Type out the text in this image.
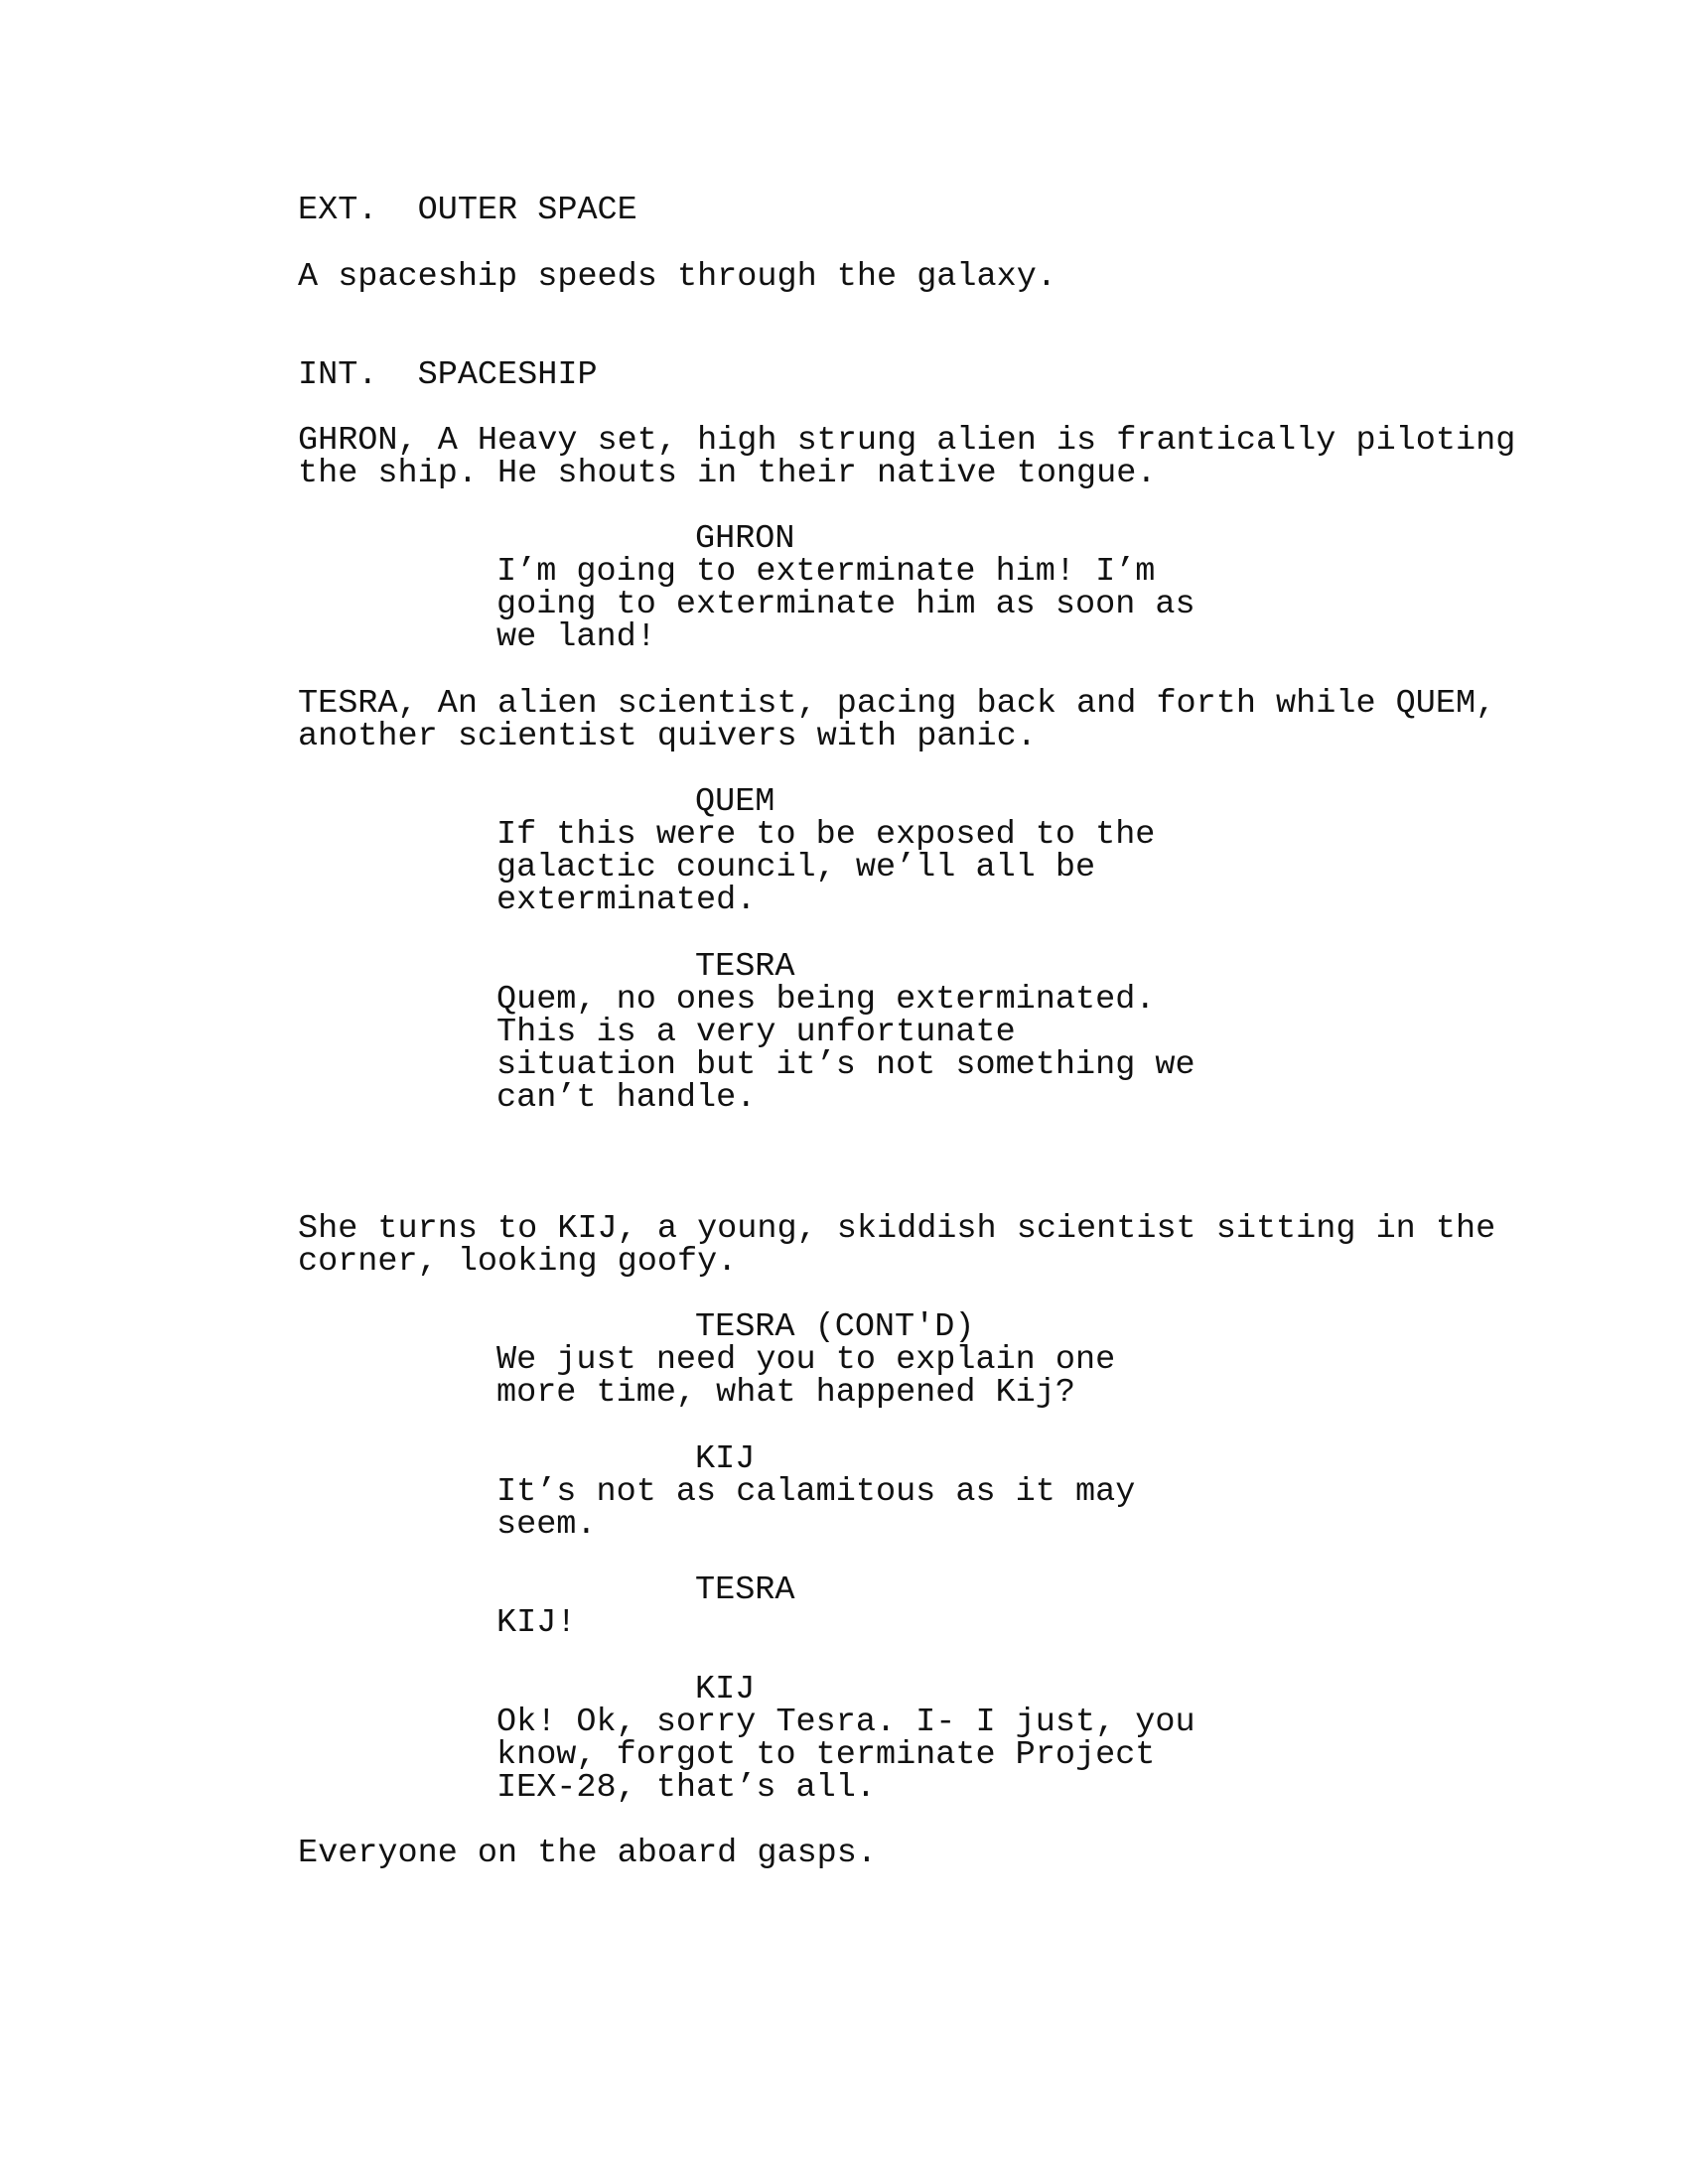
EXT.  OUTER SPACE
A spaceship speeds through the galaxy.
INT.  SPACESHIP
GHRON, A Heavy set, high strung alien is frantically piloting
the ship. He shouts in their native tongue.
GHRON
I’m going to exterminate him! I’m
going to exterminate him as soon as
we land!
TESRA, An alien scientist, pacing back and forth while QUEM,
another scientist quivers with panic.
QUEM
If this were to be exposed to the
galactic council, we’ll all be
exterminated.
TESRA
Quem, no ones being exterminated.
This is a very unfortunate
situation but it’s not something we
can’t handle.
She turns to KIJ, a young, skiddish scientist sitting in the
corner, looking goofy.
TESRA (CONT'D)
We just need you to explain one
more time, what happened Kij?
KIJ
It’s not as calamitous as it may
seem.
TESRA
KIJ!
KIJ
Ok! Ok, sorry Tesra. I- I just, you
know, forgot to terminate Project
IEX-28, that’s all.
Everyone on the aboard gasps.
